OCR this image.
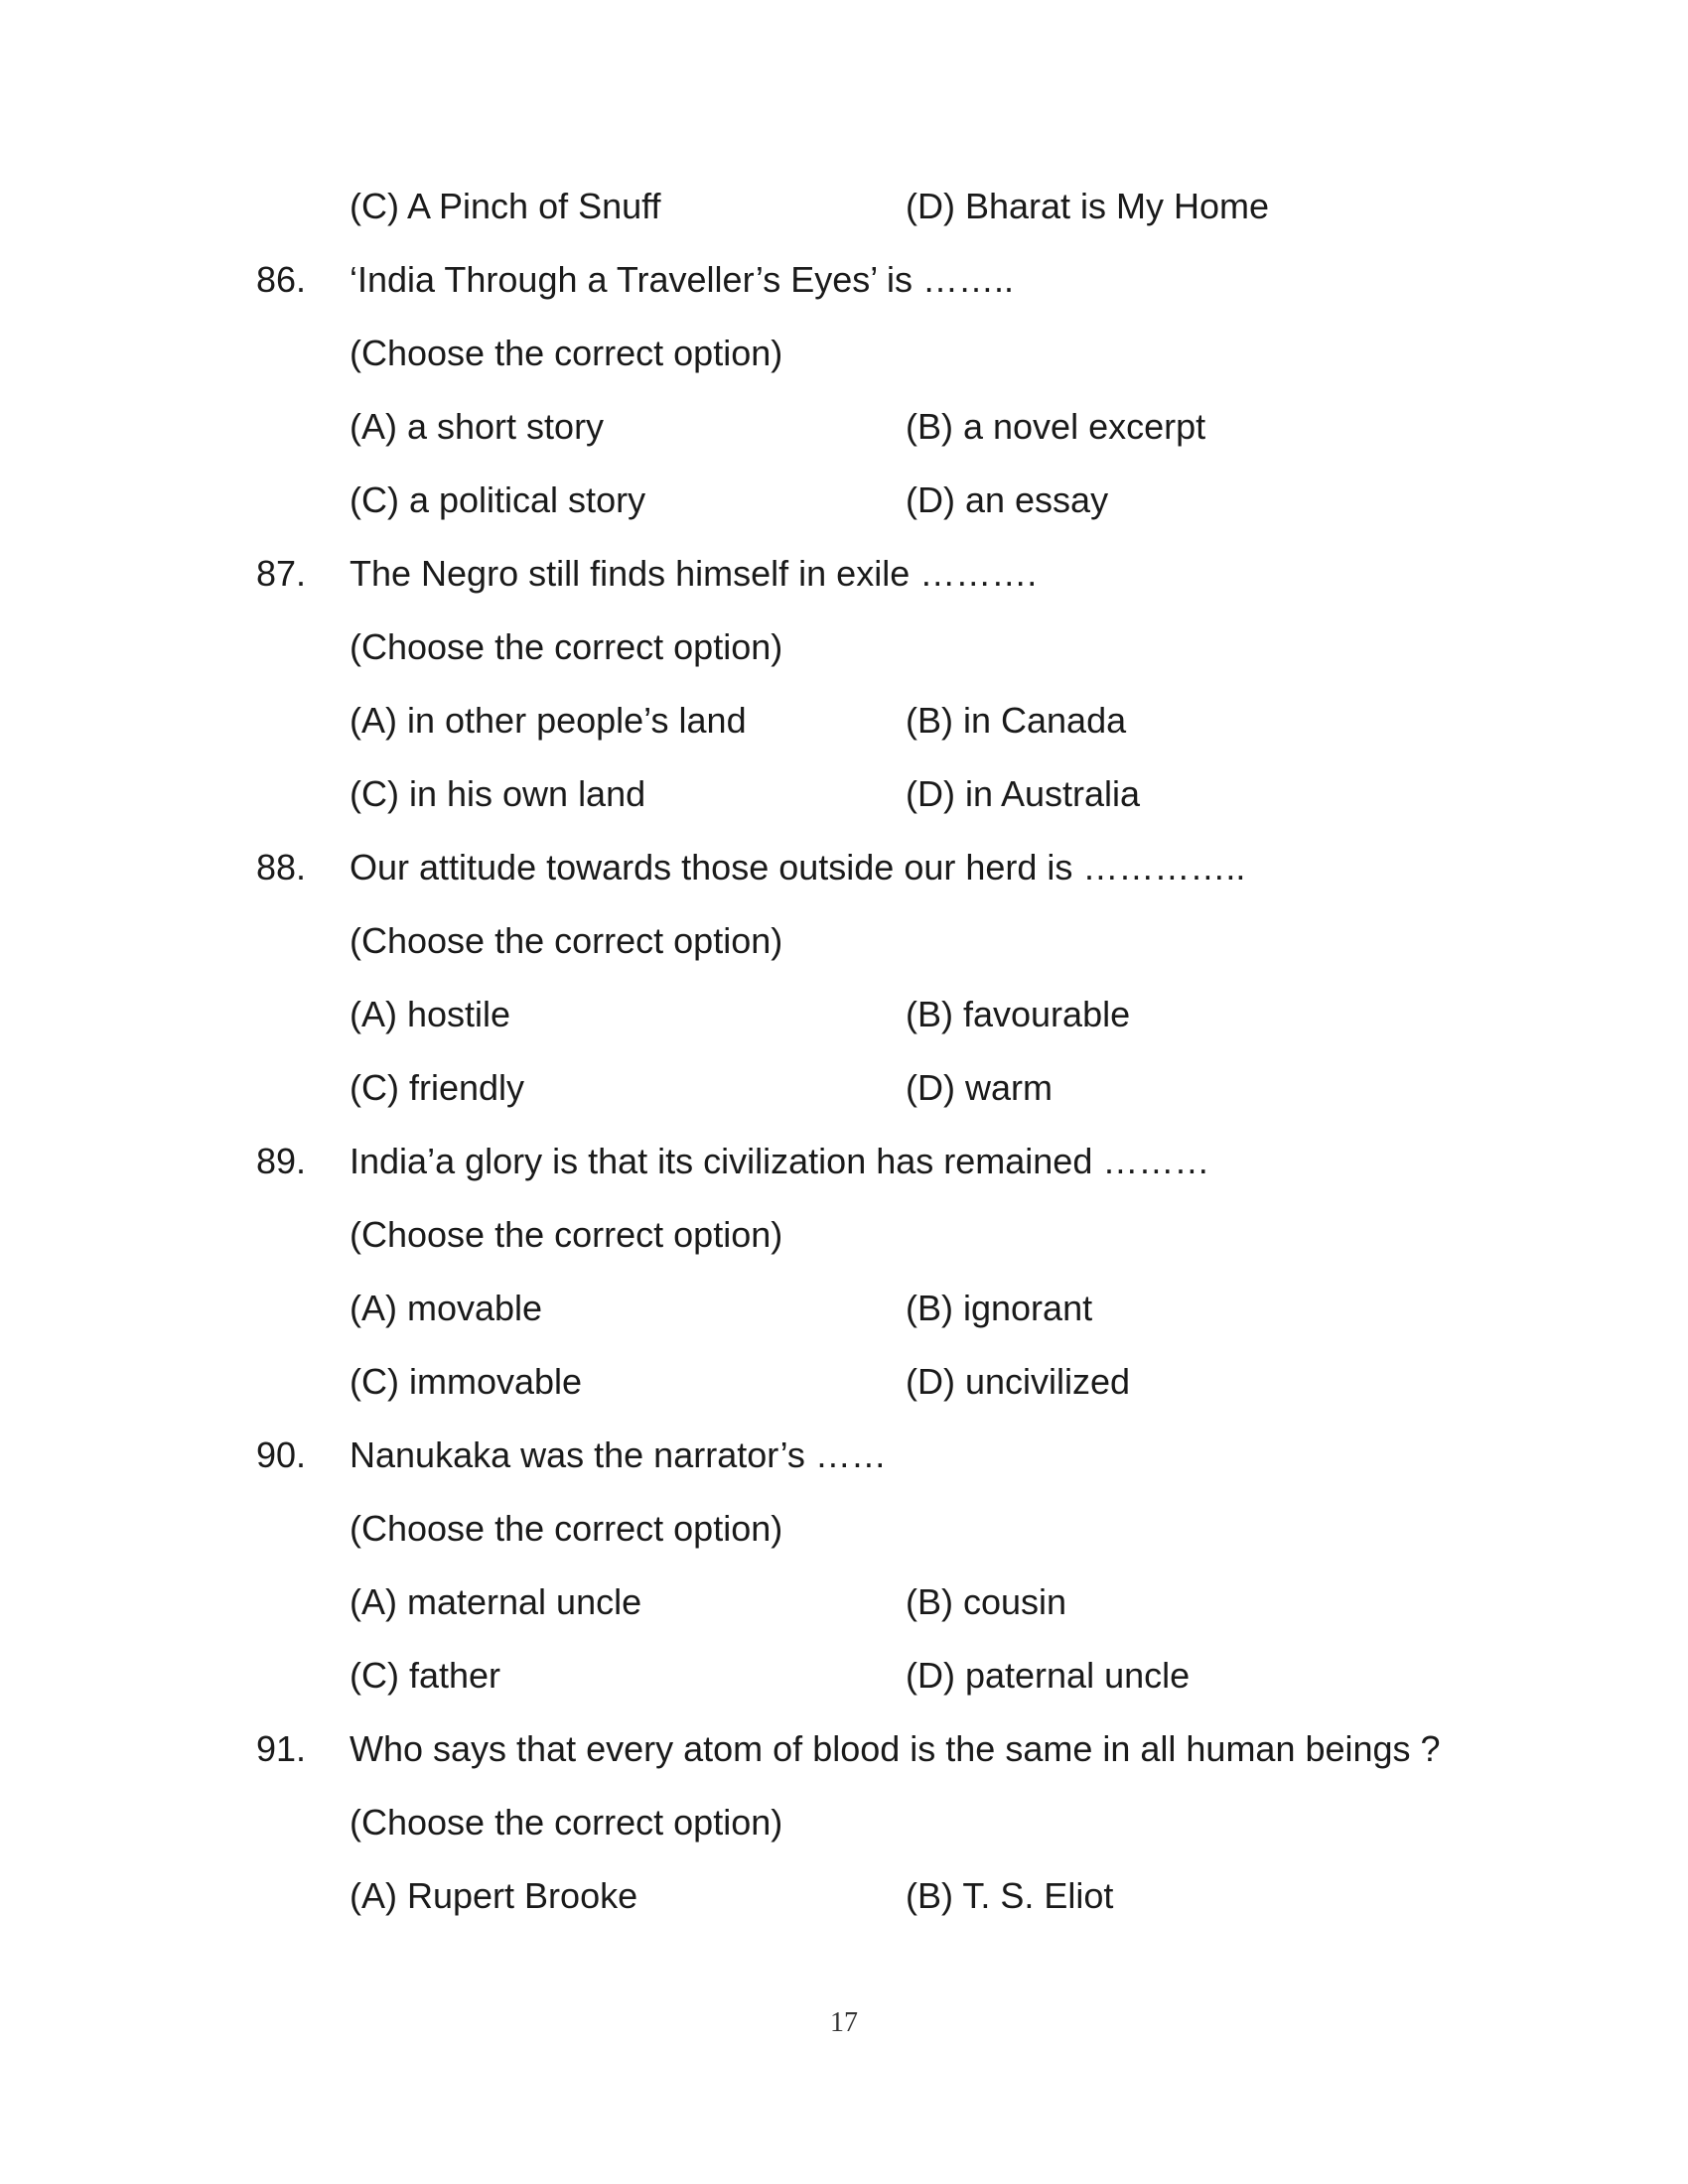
(C) A Pinch of Snuff	(D) Bharat is My Home
86. ‘India Through a Traveller’s Eyes’ is ……..
(Choose the correct option)
(A) a short story	(B) a novel excerpt
(C) a political story	(D) an essay
87. The Negro still finds himself in exile ……….
(Choose the correct option)
(A) in other people’s land	(B) in Canada
(C) in his own land	(D) in Australia
88. Our attitude towards those outside our herd is …………..
(Choose the correct option)
(A) hostile	(B) favourable
(C) friendly	(D) warm
89. India’a glory is that its civilization has remained ………
(Choose the correct option)
(A) movable	(B) ignorant
(C) immovable	(D) uncivilized
90. Nanukaka was the narrator’s ……
(Choose the correct option)
(A) maternal uncle	(B) cousin
(C) father	(D) paternal uncle
91. Who says that every atom of blood is the same in all human beings ?
(Choose the correct option)
(A) Rupert Brooke	(B) T. S. Eliot
17
